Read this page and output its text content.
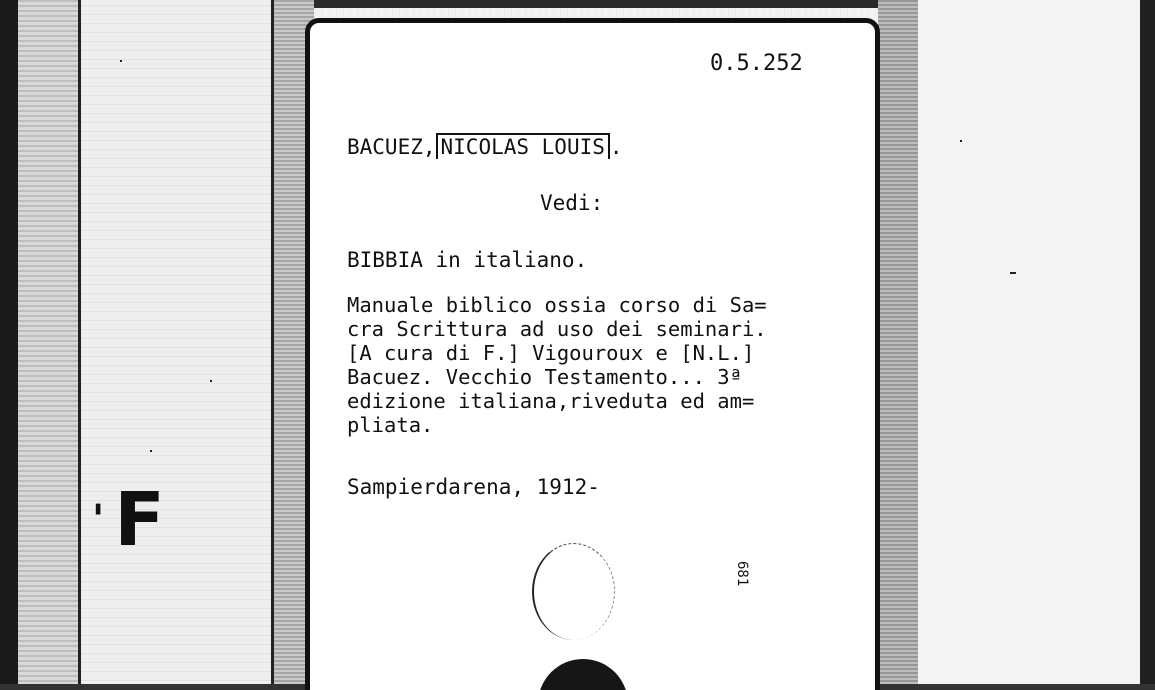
'F
0.5.252
BACUEZ, NICOLAS LOUIS .
Vedi:
BIBBIA in italiano.
Manuale biblico ossia corso di Sa=
cra Scrittura ad uso dei seminari.
[A cura di F.] Vigouroux e [N.L.]
Bacuez. Vecchio Testamento... 3ª
edizione italiana,riveduta ed am=
pliata.
Sampierdarena, 1912-
681
